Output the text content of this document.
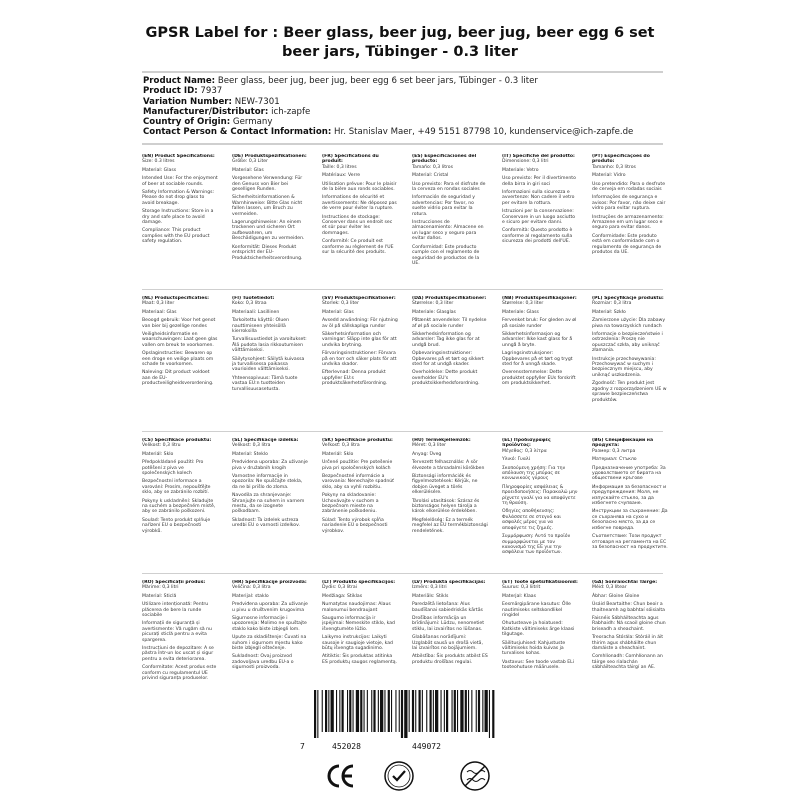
GPSR Label for : Beer glass, beer jug, beer jug, beer egg 6 set
beer jars, Tübinger - 0.3 liter
Product Name: Beer glass, beer jug, beer jug, beer egg 6 set beer jars, Tübinger - 0.3 liter
Product ID: 7937
Variation Number: NEW-7301
Manufacturer/Distributor: ich-zapfe
Country of Origin: Germany
Contact Person & Contact Information: Hr. Stanislav Maer, +49 5151 87798 10, kundenservice@ich-zapfe.de
(EN) Product Specifications:

Size: 0.3 litres

Material: Glass

Intended Use: For the enjoyment of beer at sociable rounds.

Safety Information & Warnings: Please do not drop glass to avoid breakage.

Storage Instructions: Store in a dry and safe place to avoid damage.

Compliance: This product complies with the EU product safety regulation.

(DE) Produktspezifikationen:

Größe: 0,3 Liter

Material: Glas

Vorgesehene Verwendung: Für den Genuss von Bier bei geselligen Runden.

Sicherheitsinformationen & Warnhinweise: Bitte Glas nicht fallen lassen, um Bruch zu vermeiden.

Lagerungshinweise: An einem trockenen und sicheren Ort aufbewahren, um Beschädigungen zu vermeiden.

Konformität: Dieses Produkt entspricht der EU-Produktsicherheitsverordnung.

(FR) Spécifications du produit:

Taille: 0,3 litres

Matériaux: Verre

Utilisation prévue: Pour le plaisir de la bière aux ronds sociables.

Informations de sécurité et avertissements: Ne déposez pas de verre pour éviter la rupture.

Instructions de stockage: Conserver dans un endroit sec et sûr pour éviter les dommages.

Conformité: Ce produit est conforme au règlement de l'UE sur la sécurité des produits.

(ES) Especificaciones del producto:

Tamaño: 0,3 litros

Material: Cristal

Uso previsto: Para el disfrute de la cerveza en rondas sociales

Información de seguridad y advertencias: Por favor, no suelte vidrio para evitar la rotura.

Instrucciones de almacenamiento: Almacene en un lugar seco y seguro para evitar daños.

Conformidad: Este producto cumple con el reglamento de seguridad de productos de la UE.

(IT) Specifiche del prodotto:

Dimensione: 0,3 litri

Materiale: Vetro

Uso previsto: Per il divertimento della birra in giri soci

Informazioni sulla sicurezza e avvertenze: Non cadere il vetro per evitare la rottura.

Istruzioni per la conservazione: Conservare in un luogo asciutto e sicuro per evitare danni.

Conformità: Questo prodotto è conforme al regolamento sulla sicurezza dei prodotti dell'UE.

(PT) Especificações do produto:

Tamanho: 0,3 litros

Material: Vidro

Uso pretendido: Para o desfrute de cerveja em rodadas sociais

Informações de segurança e avisos: Por favor, não deixe cair vidro para evitar ruptura.

Instruções de armazenamento: Armazene em um lugar seco e seguro para evitar danos.

Conformidade: Este produto está em conformidade com o regulamento de segurança de produtos da UE.

(NL) Productspecificaties:

Maat: 0,3 liter

Materiaal: Glas

Beoogd gebruik: Voor het genot van bier bij gezellige rondes

Veiligheidsinformatie en waarschuwingen: Laat geen glas vallen om breuk te voorkomen.

Opslaginstructies: Bewaren op een droge en veilige plaats om schade te voorkomen.

Naleving: Dit product voldoet aan de EU-productveiligheidsverordening.

(FI) Tuotetiedot:

Koko: 0,3 litraa

Materiaali: Lasillinen

Tarkoitettu käyttö: Oluen nauttimiseen yhteisöllä kierroksilla

Turvallisuustiedot ja varoitukset: Älä pudota lasia rikkoutumisen välttämiseksi.

Säilytysohjeet: Säilytä kuivassa ja turvallisessa paikassa vaurioiden välttämiseksi.

Yhteensopivuus: Tämä tuote vastaa EU:n tuotteiden turvallisuusasetusta.

(SV) Produktspecifikationer:

Storlek: 0,3 liter

Material: Glas

Avsedd användning: För njutning av öl på sällskapliga rundor

Säkerhetsinformation och varningar: Släpp inte glas för att undvika brytning.

Förvaringsinstruktioner: Förvara på en torr och säker plats för att undvika skador.

Efterlevnad: Denna produkt uppfyller EU:s produktsäkerhetsförordning.

(DA) Produktspecifikationer:

Størrelse: 0,3 liter

Materiale: Glasglas

Påtænkt anvendelse: Til nydelse af øl på sociale runder

Sikkerhedsinformation og advarsler: Tag ikke glas for at undgå brud.

Opbevaringsinstruktioner: Opbevares på et tørt og sikkert sted for at undgå skader.

Overholdelse: Dette produkt overholder EU's produktsikkerhedsforordning.

(NB) Produktspesifikasjoner:

Størrelse: 0,3 liter

Materiale: Glass

Fervenket bruk: For gleden av øl på sosiale runder

Sikkerhetsinformasjon og advarsler: Ikke kast glass for å unngå å bryte.

Lagringsinstruksjoner: Oppbevares på et tørt og trygt sted for å unngå skade.

Overensstemmelse: Dette produktet oppfyller EUs forskrift om produktsikkerhet.

(PL) Specyfikacje produktu:

Rozmiar: 0,3 litra

Materiał: Szkło

Zamierzone użycie: Dla zabawy piwa na towarzyskich rundach

Informacje o bezpieczeństwie i ostrzeżenia: Proszę nie opuszczać szkła, aby uniknąć złamania.

Instrukcje przechowywania: Przechowywać w suchym i bezpiecznym miejscu, aby uniknąć uszkodzenia.

Zgodność: Ten produkt jest zgodny z rozporządzeniem UE w sprawie bezpieczeństwa produktów.

(CS) Specifikace produktu:

Velikost: 0,3 litru

Materiál: Sklo

Předpokládané použití: Pro potěšení z piva ve společenských kolech

Bezpečnostní informace a varování: Prosím, nepoušťějte sklo, aby se zabránilo rozbití.

Pokyny k uskladnění: Skladujte na suchém a bezpečném místě, aby se zabránilo poškození.

Soulad: Tento produkt splňuje nařízení EU o bezpečnosti výrobků.

(SL) Specifikacije izdelka:

Velikost: 0,3 litra

Material: Steklo

Predvidena uporaba: Za uživanje piva v družabnih krogih

Varnostne informacije in opozorila: Ne spuščajte stekla, da ne bi prišlo do zloma.

Navodila za shranjevanje: Shranjujte na suhem in varnem mestu, da se izognete poškodbam.

Skladnost: Ta izdelek ustreza uredbi EU o varnosti izdelkov.

(SK) Špecifikácie produktu:

Veľkosť: 0,3 litra

Materiál: Sklo

Určené použitie: Pre potešenie piva pri spoločenských kolách

Bezpečnostné informácie a varovania: Nenechajte spadnúť sklo, aby sa vyhli rozbitiu.

Pokyny na skladovanie: Uchovávajte v suchom a bezpečnom mieste na zabránenie poškodeniu.

Súlad: Tento výrobok spĺňa nariadenie EÚ o bezpečnosti výrobkov.

(HU) Termékjellemzők:

Méret: 0,3 liter

Anyag: Üveg

Tervezett felhasználás: A sör élvezete a társadalmi körökben

Biztonsági információk és figyelmeztetések: Kérjük, ne dobjon üveget a törés elkerülésére.

Tárolási utasítások: Száraz és biztonságos helyen tárolja a károk elkerülése érdekében.

Megfelelőség: Ez a termék megfelel az EU termékbiztonsági rendeletének.

(EL) Προδιαγραφές προϊόντος:

Μέγεθος: 0,3 λίτρα

Υλικό: Γυαλί

Σκοπούμενη χρήση: Για την απόλαυση της μπύρας σε κοινωνικούς γύρους

Πληροφορίες ασφάλειας & προειδοποιήσεις: Παρακαλώ μην ρίχνετε γυαλί για να αποφύγετε τη θραύση.

Οδηγίες αποθήκευσης: Φυλάσσετε σε στεγνό και ασφαλές μέρος για να αποφύγετε τις ζημιές.

Συμμόρφωση: Αυτό το προϊόν συμμορφώνεται με τον κανονισμό της ΕΕ για την ασφάλεια των προϊόντων.

(BG) Спецификации на продукта:

Размер: 0,3 литра

Материал: Стъкло

Предназначение употреба: За удоволствието от бирата на обществени кръгове

Информация за безопасност и предупреждения: Моля, не изпускайте стъкло, за да избегнете счупване.

Инструкции за съхранение: Да се съхранява на сухо и безопасно място, за да се избегне повреда.

Съответствие: Този продукт отговаря на регламента на ЕС за безопасност на продуктите.

(RO) Specificații produs:

Mărime: 0,3 litri

Material: Sticlă

Utilizare intenționată: Pentru plăcerea de bere la runde sociabile

Informații de siguranță și avertismente: Vă rugăm să nu picurați sticlă pentru a evita spargerea.

Instrucțiuni de depozitare: A se păstra într-un loc uscat și sigur pentru a evita deteriorarea.

Conformitate: Acest produs este conform cu regulamentul UE privind siguranța produselor.

(HR) Specifikacije proizvoda:

Veličina: 0,3 litra

Materijal: staklo

Predviđena uporaba: Za uživanje u pivu u društvenim krugovima

Sigurnosne informacije i upozorenja: Molimo ne spuštajte staklo kako biste izbjegli lom.

Upute za skladištenje: Čuvati na suhom i sigurnom mjestu kako biste izbjegli oštećenje.

Sukladnost: Ovaj proizvod zadovoljava uredbu EU-a o sigurnosti proizvoda.

(LT) Produkto specifikacijos:

Dydis: 0,3 litrai

Medžiaga: Stiklas

Numatytas naudojimas: Alaus malonumui bendraujant

Saugumo informacija ir įspėjimai: Nemeskite stiklo, kad išvengtumėte lūžio.

Laikymo instrukcijos: Laikyti sausoje ir saugioje vietoje, kad būtų išvengta sugadinimo.

Atitiktis: Šis produktas atitinka ES produktų saugos reglamentą.

(LV) Produkta specifikācijas:

Izmērs: 0,3 litri

Materiāls: Stikls

Paredzētā lietošana: Alus baudīšanai sabiedriskās kārtās

Drošības informācija un brīdinājumi: Lūdzu, nenometiet stiklu, lai izvairītos no lūšanas.

Glabāšanas norādījumi: Uzglabāt sausā un drošā vietā, lai izvairītos no bojājumiem.

Atbilstība: Šis produkts atbilst ES produktu drošības regulai.

(ET) Toote spetsifikatsioonid:

Suurus: 0,3 liitrit

Materjal: Klaas

Eesmärgipärane kasutus: Õlle nautimiseks seltskondlikel ringidel

Ohutusteave ja hoiatused: Katkiste vältimiseks ärge klaasi tilgutage.

Säilitusjuhised: Kahjustuste vältimiseks hoida kuivas ja turvalises kohas.

Vastavus: See toode vastab ELi tooteohutuse määrusele.

(GA) Sonraíochtaí Táirge:

Méid: 0,3 lítear

Ábhar: Gloine Gloine

Úsáid Beartaithe: Chun beoir a thaitneamh ag babhtaí sóisialta

Faisnéis Sábháilteachta agus Rabhaidh: Ná scaoil gloine chun briseadh a sheachaint.

Treoracha Stórála: Stóráil in áit thirim agus shábháilte chun damáiste a sheachaint.

Comhlíonadh: Comhlíonann an táirge seo rialachán sábháilteachta táirgí an AE.

7	452028	449072
